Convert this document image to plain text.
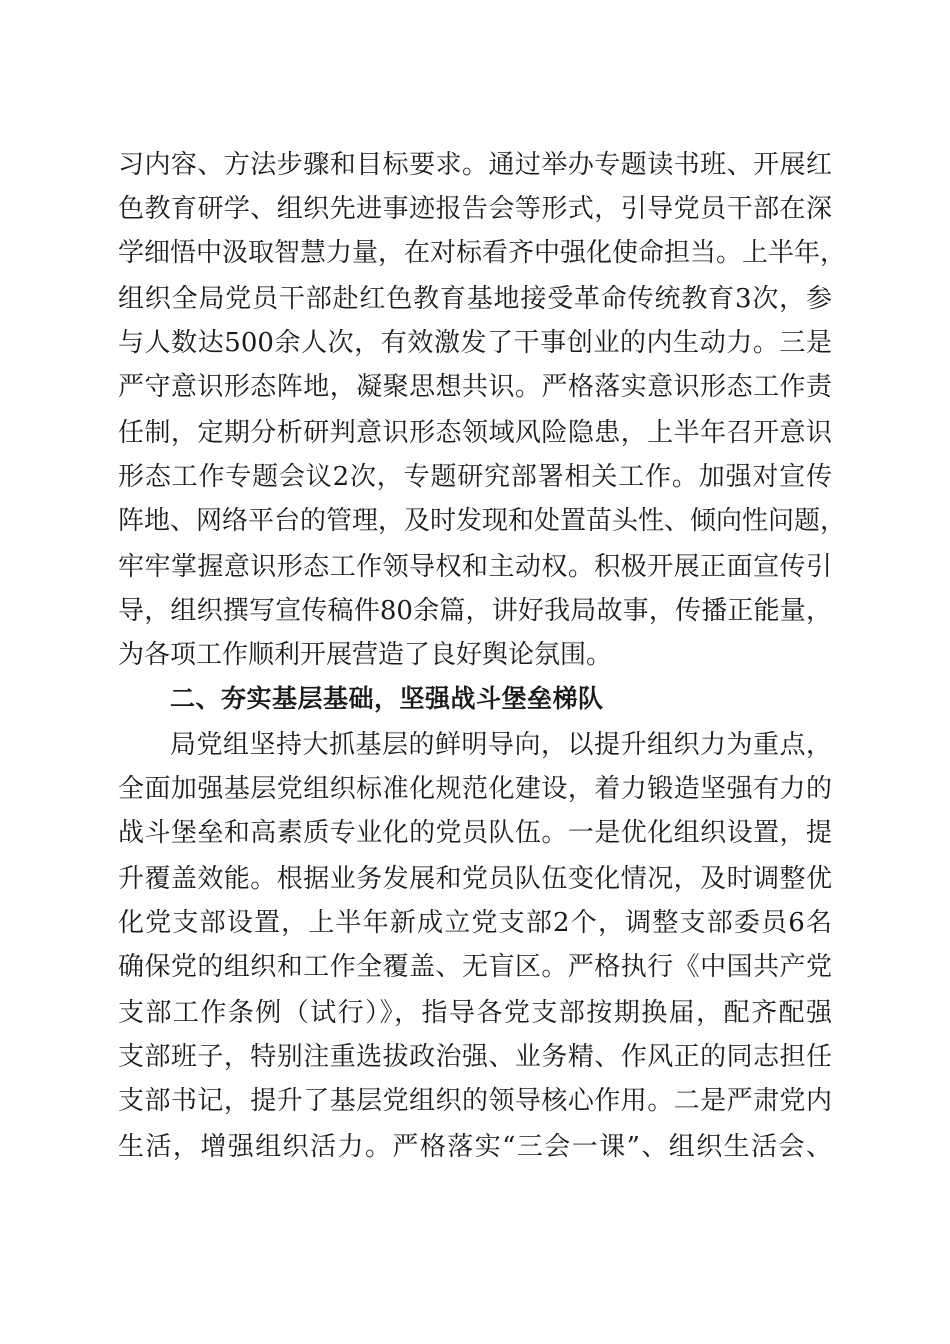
习内容、方法步骤和目标要求。通过举办专题读书班、开展红
色教育研学、组织先进事迹报告会等形式，引导党员干部在深
学细悟中汲取智慧力量，在对标看齐中强化使命担当。上半年，
组织全局党员干部赴红色教育基地接受革命传统教育3次，参
与人数达500余人次，有效激发了干事创业的内生动力。三是
严守意识形态阵地，凝聚思想共识。严格落实意识形态工作责
任制，定期分析研判意识形态领域风险隐患，上半年召开意识
形态工作专题会议2次，专题研究部署相关工作。加强对宣传
阵地、网络平台的管理，及时发现和处置苗头性、倾向性问题，
牢牢掌握意识形态工作领导权和主动权。积极开展正面宣传引
导，组织撰写宣传稿件80余篇，讲好我局故事，传播正能量，
为各项工作顺利开展营造了良好舆论氛围。
二、夯实基层基础，坚强战斗堡垒梯队
局党组坚持大抓基层的鲜明导向，以提升组织力为重点，
全面加强基层党组织标准化规范化建设，着力锻造坚强有力的
战斗堡垒和高素质专业化的党员队伍。一是优化组织设置，提
升覆盖效能。根据业务发展和党员队伍变化情况，及时调整优
化党支部设置，上半年新成立党支部2个，调整支部委员6名
确保党的组织和工作全覆盖、无盲区。严格执行《中国共产党
支部工作条例（试行）》，指导各党支部按期换届，配齐配强
支部班子，特别注重选拔政治强、业务精、作风正的同志担任
支部书记，提升了基层党组织的领导核心作用。二是严肃党内
生活，增强组织活力。严格落实“三会一课”、组织生活会、
